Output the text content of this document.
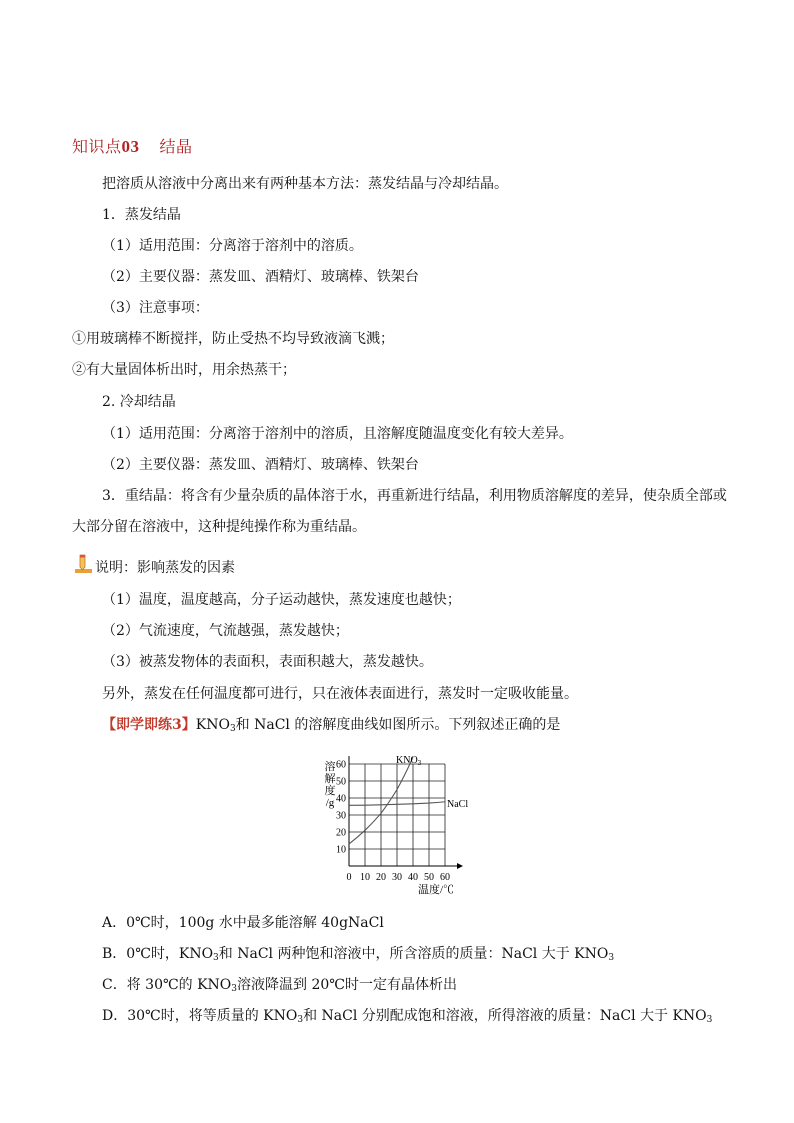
知识点03 结晶
把溶质从溶液中分离出来有两种基本方法：蒸发结晶与冷却结晶。
1．蒸发结晶
（1）适用范围：分离溶于溶剂中的溶质。
（2）主要仪器：蒸发皿、酒精灯、玻璃棒、铁架台
（3）注意事项：
①用玻璃棒不断搅拌，防止受热不均导致液滴飞溅；
②有大量固体析出时，用余热蒸干；
2. 冷却结晶
（1）适用范围：分离溶于溶剂中的溶质，且溶解度随温度变化有较大差异。
（2）主要仪器：蒸发皿、酒精灯、玻璃棒、铁架台
3．重结晶：将含有少量杂质的晶体溶于水，再重新进行结晶，利用物质溶解度的差异，使杂质全部或
大部分留在溶液中，这种提纯操作称为重结晶。
说明：影响蒸发的因素
（1）温度，温度越高，分子运动越快，蒸发速度也越快；
（2）气流速度，气流越强，蒸发越快；
（3）被蒸发物体的表面积，表面积越大，蒸发越快。
另外，蒸发在任何温度都可进行，只在液体表面进行，蒸发时一定吸收能量。
【即学即练3】$KNO_3$和 NaCl 的溶解度曲线如图所示。下列叙述正确的是
0 10 20 30 40 50 60
10
20
30
40
50
60
溶
解
度
/g
温度/℃
$KNO_3$
NaCl
A．0℃时，100g 水中最多能溶解 40gNaCl
B．0℃时，$KNO_3$和 NaCl 两种饱和溶液中，所含溶质的质量：NaCl 大于 $KNO_3$
C．将 30℃的 $KNO_3$溶液降温到 20℃时一定有晶体析出
D．30℃时，将等质量的 $KNO_3$和 NaCl 分别配成饱和溶液，所得溶液的质量：NaCl 大于 $KNO_3$
